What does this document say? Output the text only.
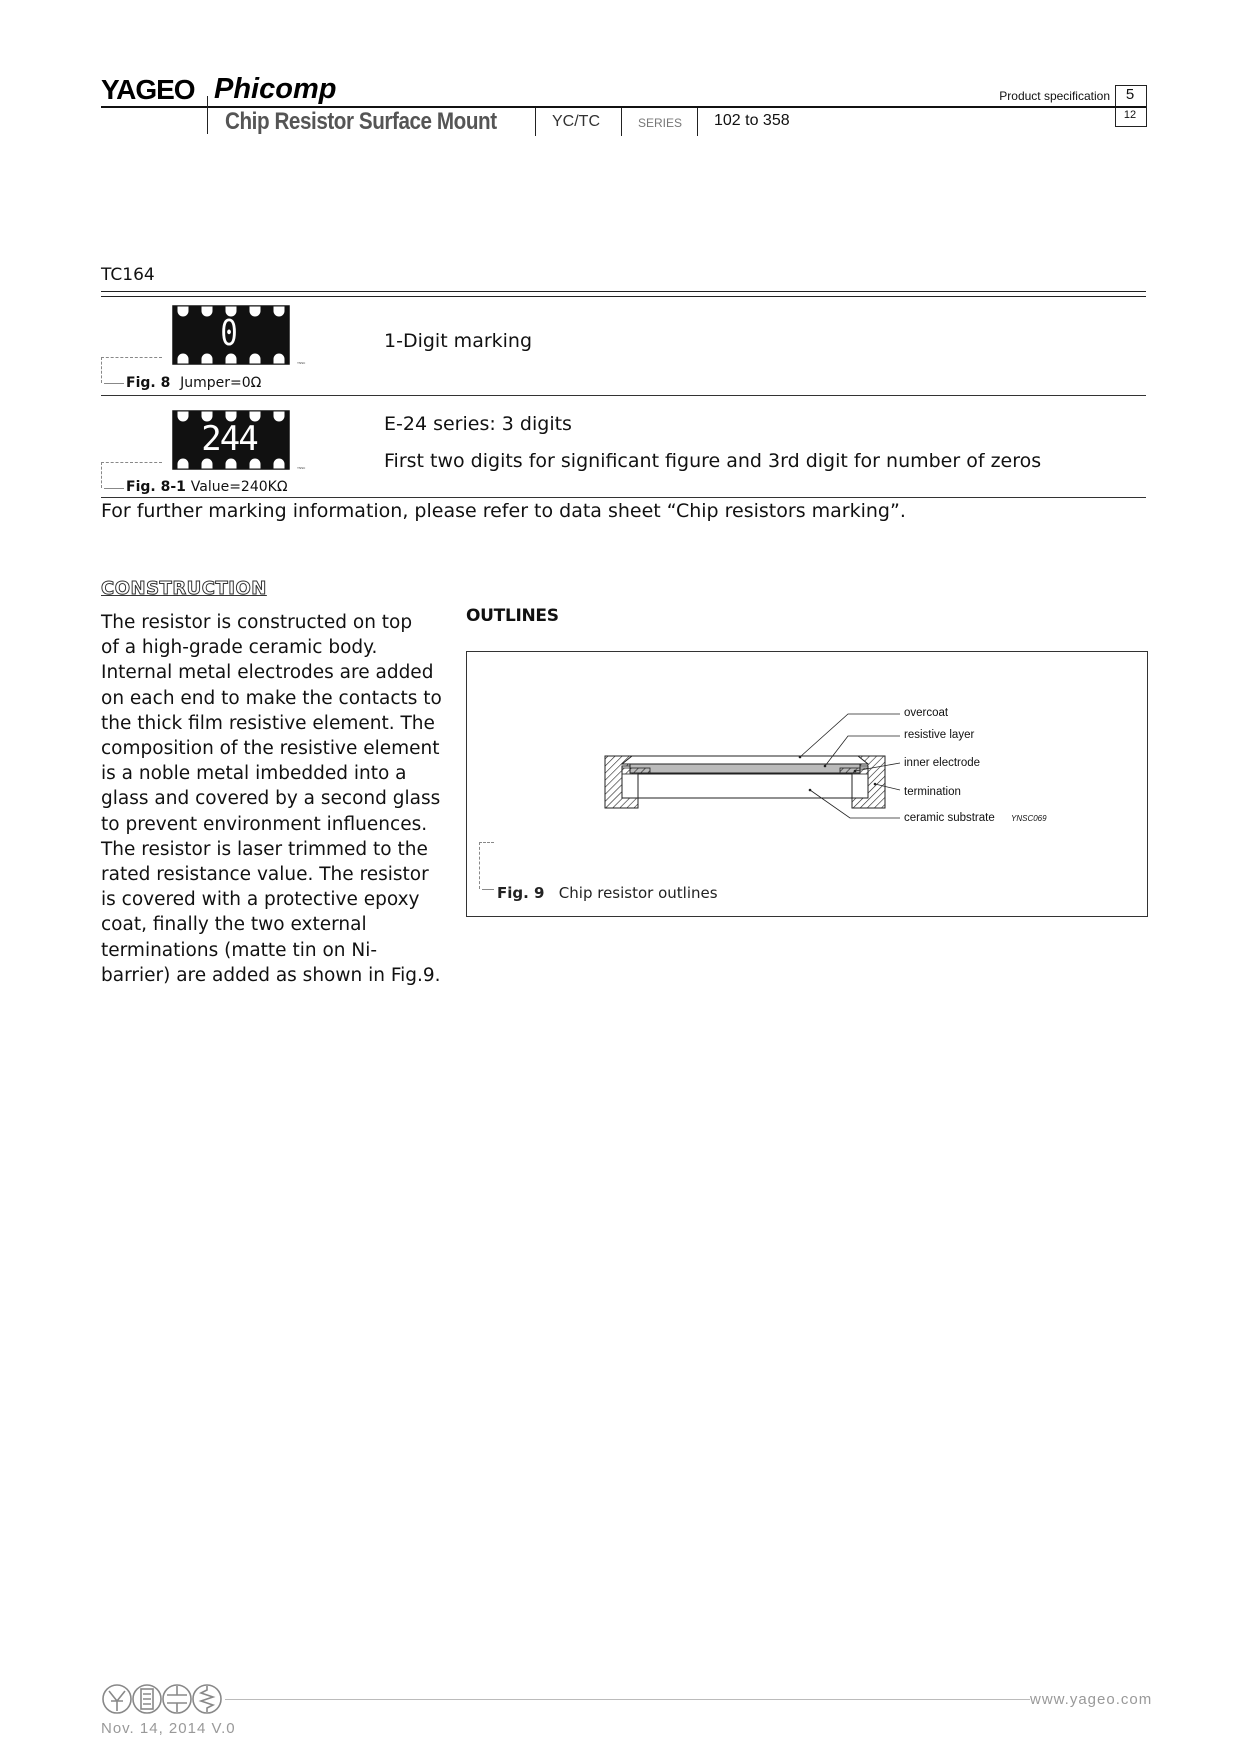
YAGEO Phicomp	Product specification	5
12
Chip Resistor Surface Mount	YC/TC	SERIES 102 to 358
TC164
YNSC
0
Fig. 8 Jumper=0Ω
1-Digit marking
YNSC
244
Fig. 8-1 Value=240KΩ
E-24 series: 3 digits
First two digits for significant figure and 3rd digit for number of zeros
For further marking information, please refer to data sheet “Chip resistors marking”.
CONSTRUCTION
The resistor is constructed on top
of a high-grade ceramic body.
Internal metal electrodes are added
on each end to make the contacts to
the thick film resistive element. The
composition of the resistive element
is a noble metal imbedded into a
glass and covered by a second glass
to prevent environment influences.
The resistor is laser trimmed to the
rated resistance value. The resistor
is covered with a protective epoxy
coat, finally the two external
terminations (matte tin on Ni-
barrier) are added as shown in Fig.9.
OUTLINES
overcoat
resistive layer
inner electrode
termination
ceramic substrate YNSC069
Fig. 9 Chip resistor outlines
Nov. 14, 2014 V.0
www.yageo.com
